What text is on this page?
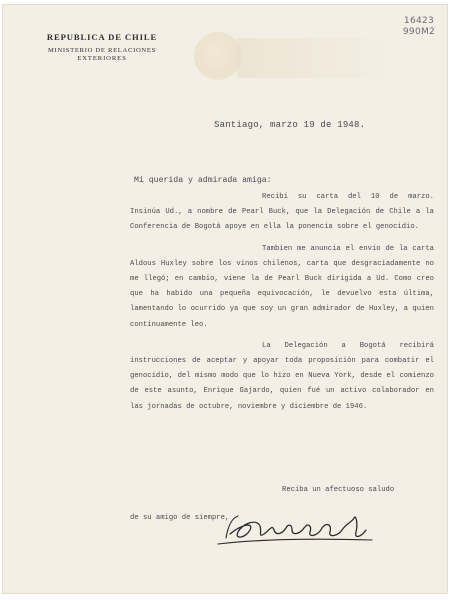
REPUBLICA DE CHILE
MINISTERIO DE RELACIONES
EXTERIORES
16423
990M2
Santiago, marzo 19 de 1948.
Mi querida y admirada amiga:

Recibí su carta del 10 de marzo. Insinúa Ud., a nombre de Pearl Buck, que la Delegación de Chile a la Conferencia de Bogotá apoye en ella la ponencia sobre el genocidio.

Tambien me anuncia el envío de la carta Aldous Huxley sobre los vinos chilenos, carta que desgraciadamente no me llegó; en cambio, viene la de Pearl Buck dirigida a Ud. Como creo que ha habido una pequeña equivocación, le devuelvo esta última, lamentando lo ocurrido ya que soy un gran admirador de Huxley, a quien continuamente leo.

La Delegación a Bogotá recibirá instrucciones de aceptar y apoyar toda proposición para combatir el genocidio, del mismo modo que lo hizo en Nueva York, desde el comienzo de este asunto, Enrique Gajardo, quien fué un activo colaborador en las jornadas de octubre, noviembre y diciembre de 1946.

Reciba un afectuoso saludo
de su amigo de siempre,
